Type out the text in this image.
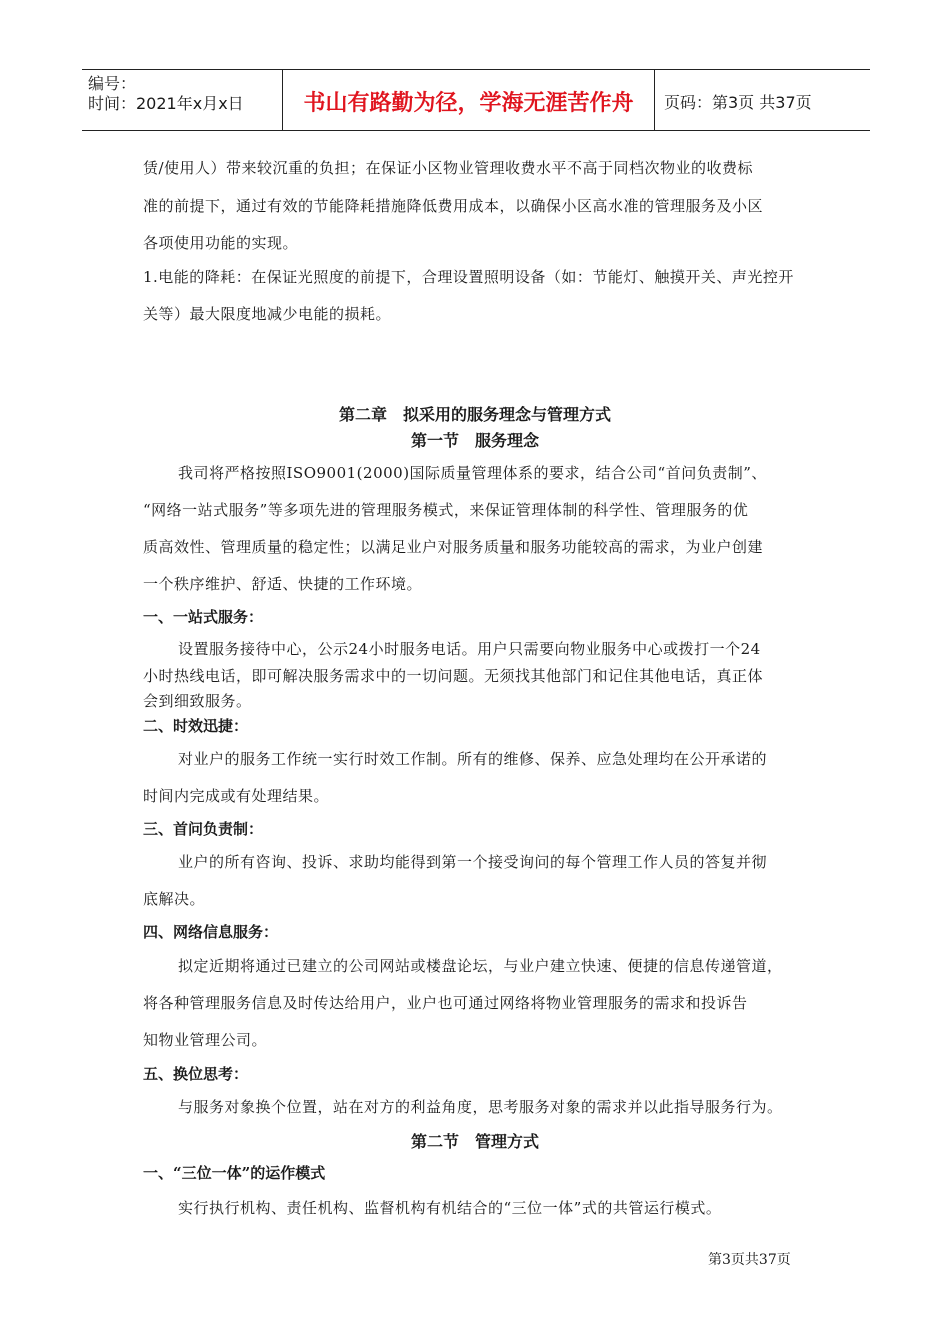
编号：
时间：2021年x月x日	书山有路勤为径，学海无涯苦作舟	页码：第3页 共37页
赁/使用人）带来较沉重的负担；在保证小区物业管理收费水平不高于同档次物业的收费标
准的前提下，通过有效的节能降耗措施降低费用成本，以确保小区高水准的管理服务及小区
各项使用功能的实现。
1.电能的降耗：在保证光照度的前提下，合理设置照明设备（如：节能灯、触摸开关、声光控开
关等）最大限度地减少电能的损耗。
第二章　拟采用的服务理念与管理方式
第一节　服务理念
我司将严格按照ISO9001(2000)国际质量管理体系的要求，结合公司“首问负责制”、
“网络一站式服务”等多项先进的管理服务模式，来保证管理体制的科学性、管理服务的优
质高效性、管理质量的稳定性；以满足业户对服务质量和服务功能较高的需求，为业户创建
一个秩序维护、舒适、快捷的工作环境。
一、一站式服务：
设置服务接待中心，公示24小时服务电话。用户只需要向物业服务中心或拨打一个24
小时热线电话，即可解决服务需求中的一切问题。无须找其他部门和记住其他电话，真正体
会到细致服务。
二、时效迅捷：
对业户的服务工作统一实行时效工作制。所有的维修、保养、应急处理均在公开承诺的
时间内完成或有处理结果。
三、首问负责制：
业户的所有咨询、投诉、求助均能得到第一个接受询问的每个管理工作人员的答复并彻
底解决。
四、网络信息服务：
拟定近期将通过已建立的公司网站或楼盘论坛，与业户建立快速、便捷的信息传递管道，
将各种管理服务信息及时传达给用户，业户也可通过网络将物业管理服务的需求和投诉告
知物业管理公司。
五、换位思考：
与服务对象换个位置，站在对方的利益角度，思考服务对象的需求并以此指导服务行为。
第二节　管理方式
一、“三位一体”的运作模式
实行执行机构、责任机构、监督机构有机结合的“三位一体”式的共管运行模式。
第3页共37页
